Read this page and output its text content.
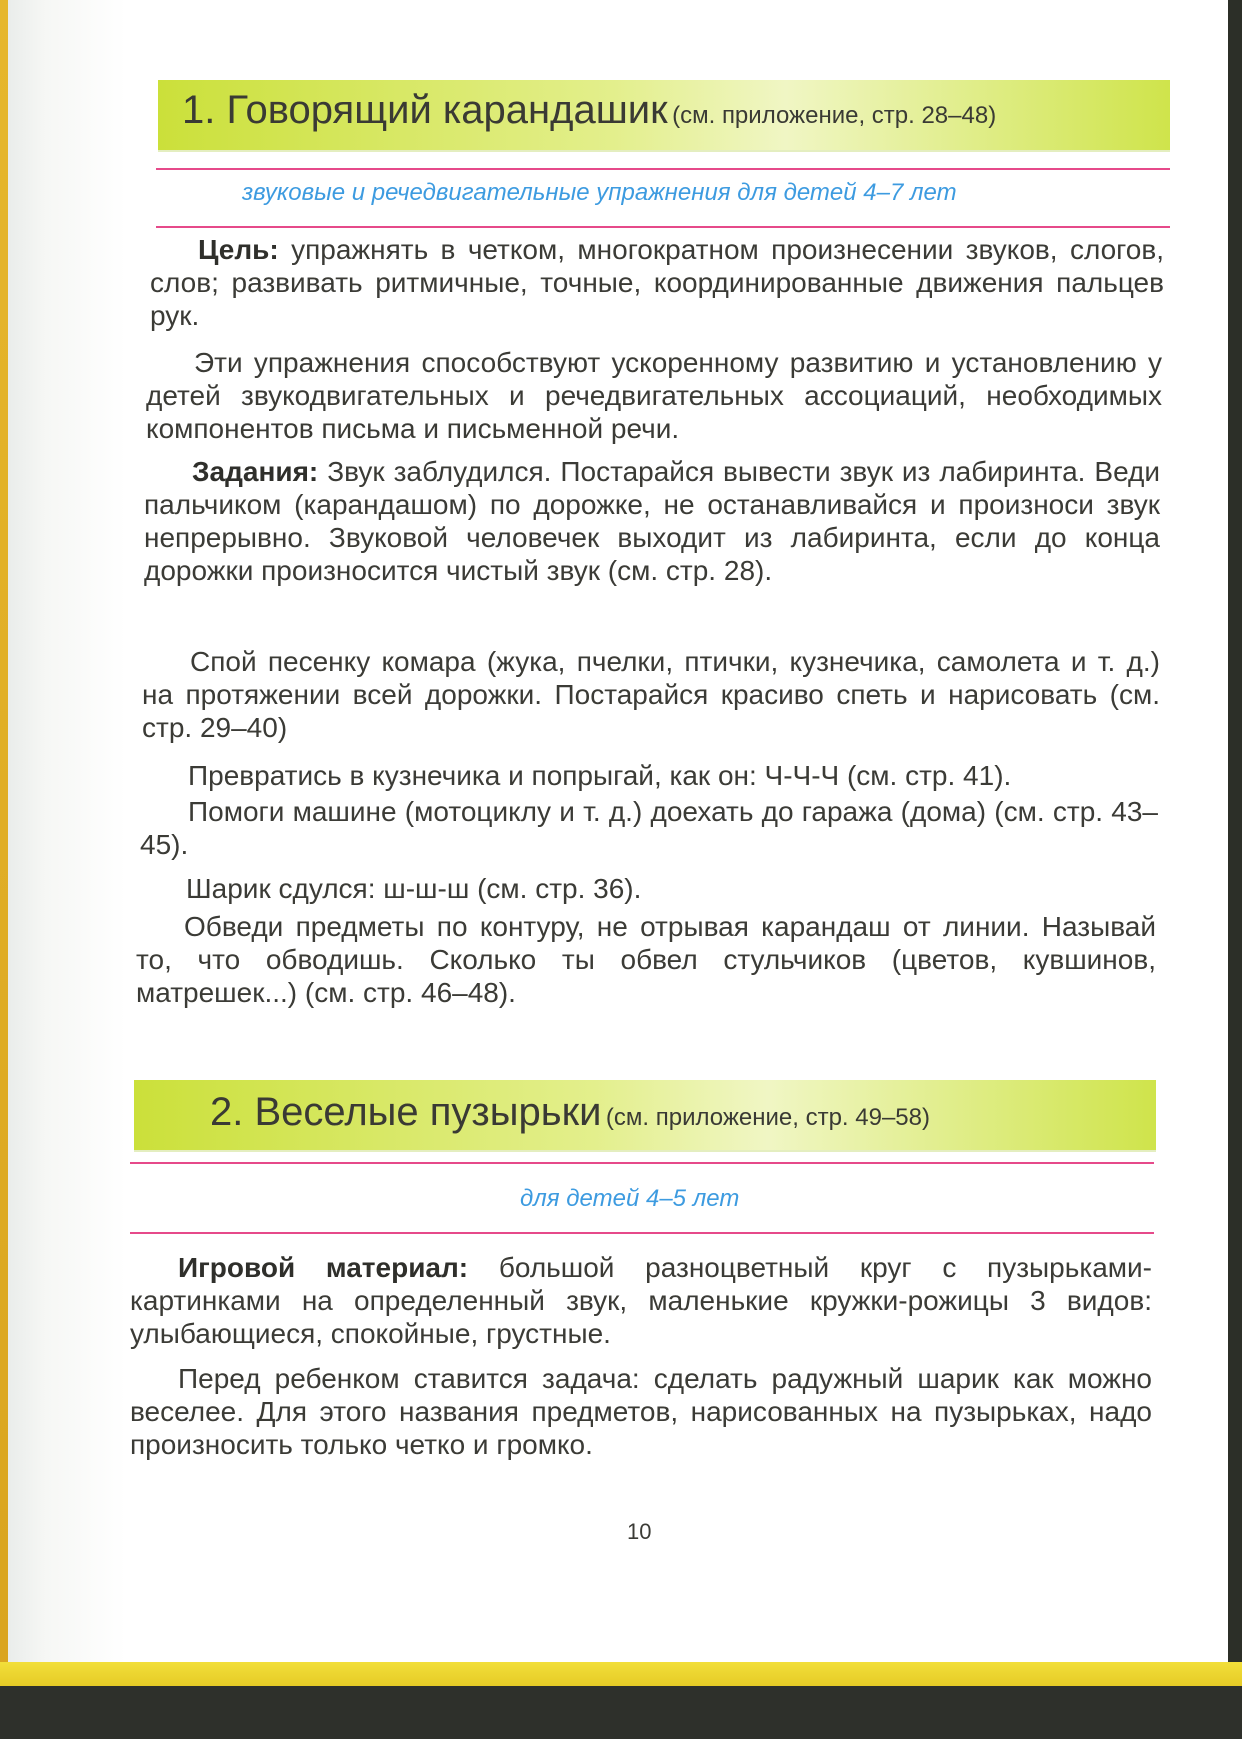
1. Говорящий карандашик (см. приложение, стр. 28–48)
звуковые и речедвигательные упражнения для детей 4–7 лет

Цель: упражнять в четком, многократном произнесении звуков, слогов, слов; развивать ритмичные, точные, координированные движения пальцев рук.

Эти упражнения способствуют ускоренному развитию и установлению у детей звукодвигательных и речедвигательных ассоциаций, необходимых компонентов письма и письменной речи.

Задания: Звук заблудился. Постарайся вывести звук из лабиринта. Веди пальчиком (карандашом) по дорожке, не останавливайся и произноси звук непрерывно. Звуковой человечек выходит из лабиринта, если до конца дорожки произносится чистый звук (см. стр. 28).

Спой песенку комара (жука, пчелки, птички, кузнечика, самолета и т. д.) на протяжении всей дорожки. Постарайся красиво спеть и нарисовать (см. стр. 29–40)

Превратись в кузнечика и попрыгай, как он: Ч-Ч-Ч (см. стр. 41).

Помоги машине (мотоциклу и т. д.) доехать до гаража (дома) (см. стр. 43–45).

Шарик сдулся: ш-ш-ш (см. стр. 36).

Обведи предметы по контуру, не отрывая карандаш от линии. Называй то, что обводишь. Сколько ты обвел стульчиков (цветов, кувшинов, матрешек...) (см. стр. 46–48).

2. Веселые пузырьки (см. приложение, стр. 49–58)
для детей 4–5 лет

Игровой материал: большой разноцветный круг с пузырьками-картинками на определенный звук, маленькие кружки-рожицы 3 видов: улыбающиеся, спокойные, грустные.

Перед ребенком ставится задача: сделать радужный шарик как можно веселее. Для этого названия предметов, нарисованных на пузырьках, надо произносить только четко и громко.

10
